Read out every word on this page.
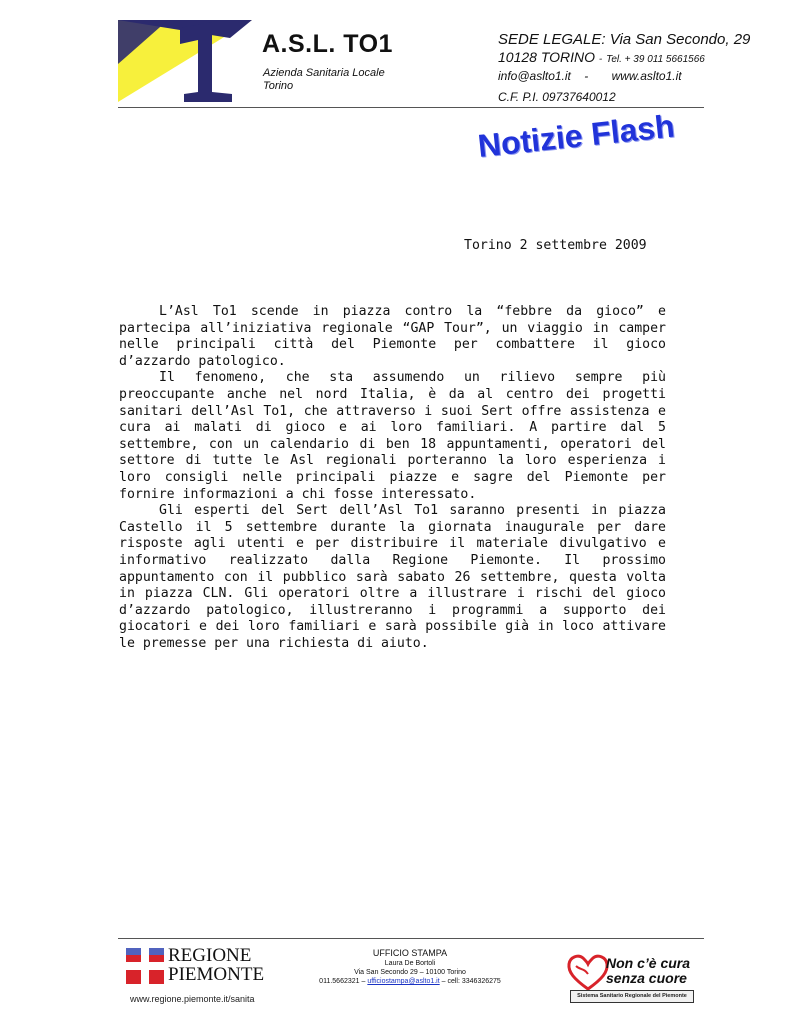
A.S.L. TO1
Azienda Sanitaria Locale
Torino
SEDE LEGALE: Via San Secondo, 29
10128 TORINO - Tel. + 39 011 5661566
info@aslto1.it - www.aslto1.it
C.F. P.I. 09737640012
Notizie Flash
Torino 2 settembre 2009

L’Asl To1 scende in piazza contro la “febbre da gioco” e partecipa all’iniziativa regionale “GAP Tour”, un viaggio in camper nelle principali città del Piemonte per combattere il gioco d’azzardo patologico.

Il fenomeno, che sta assumendo un rilievo sempre più preoccupante anche nel nord Italia, è da al centro dei progetti sanitari dell’Asl To1, che attraverso i suoi Sert offre assistenza e cura ai malati di gioco e ai loro familiari. A partire dal 5 settembre, con un calendario di ben 18 appuntamenti, operatori del settore di tutte le Asl regionali porteranno la loro esperienza i loro consigli nelle principali piazze e sagre del Piemonte per fornire informazioni a chi fosse interessato.

Gli esperti del Sert dell’Asl To1 saranno presenti in piazza Castello il 5 settembre durante la giornata inaugurale per dare risposte agli utenti e per distribuire il materiale divulgativo e informativo realizzato dalla Regione Piemonte. Il prossimo appuntamento con il pubblico sarà sabato 26 settembre, questa volta in piazza CLN. Gli operatori oltre a illustrare i rischi del gioco d’azzardo patologico, illustreranno i programmi a supporto dei giocatori e dei loro familiari e sarà possibile già in loco attivare le premesse per una richiesta di aiuto.

REGIONE
PIEMONTE
www.regione.piemonte.it/sanita
UFFICIO STAMPA
Laura De Bortoli
Via San Secondo 29 – 10100 Torino
011.5662321 – ufficiostampa@aslto1.it – cell: 3346326275
Non c’è cura
senza cuore
Sistema Sanitario Regionale del Piemonte
